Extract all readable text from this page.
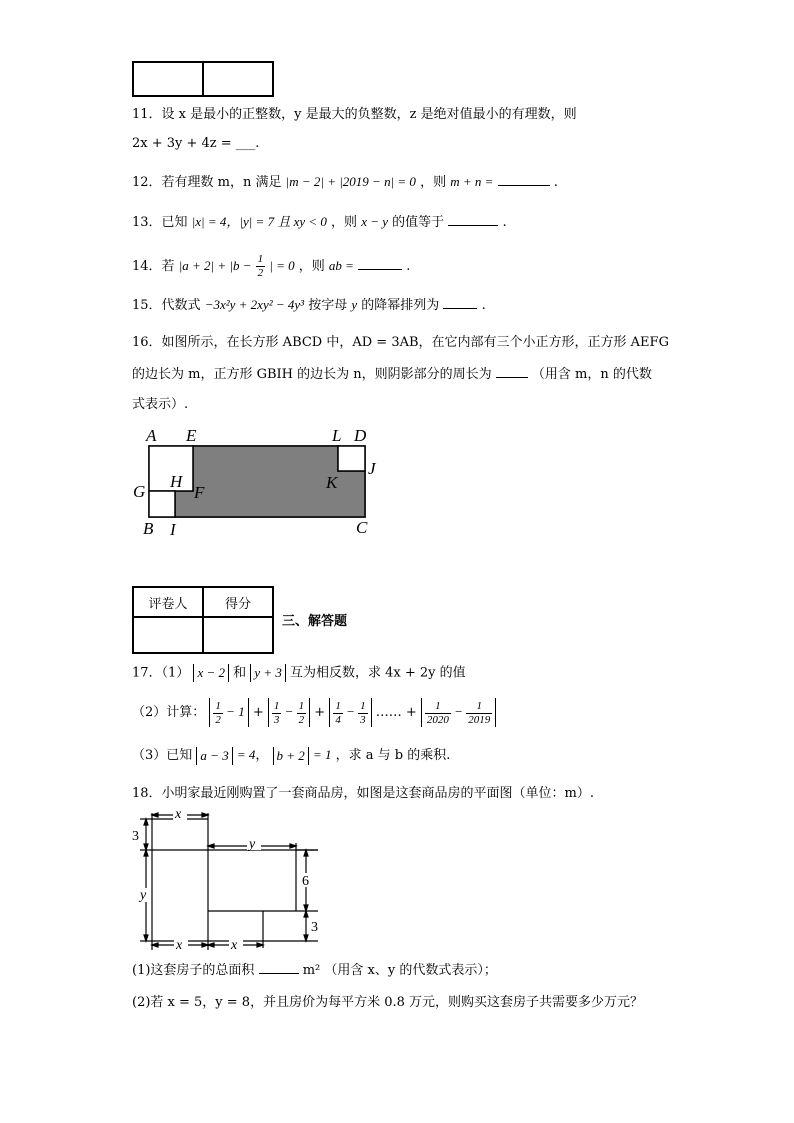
11．设 x 是最小的正整数，y 是最大的负整数，z 是绝对值最小的有理数，则
2x + 3y + 4z = ___.
12．若有理数 m，n 满足 |m − 2| + |2019 − n| = 0 ，则 m + n =	.
13．已知 |x| = 4，|y| = 7 且 xy < 0 ，则 x − y 的值等于	.
14．若 $|a + 2| + |b - \frac{1}{2}$ | = 0 ，则 ab =	.
15．代数式 −3x²y + 2xy² − 4y³ 按字母 y 的降幂排列为	.
16．如图所示，在长方形 ABCD 中，AD = 3AB，在它内部有三个小正方形，正方形 AEFG
的边长为 m，正方形 GBIH 的边长为 n，则阴影部分的周长为	（用含 m，n 的代数
式表示）.
A E	L D
J
H
F
G	K
B I	C
评卷人	得分

三、解答题
17．（1） x − 2 和 y + 3 互为相反数，求 4x + 2y 的值
（2）计算： $\frac{1}{2} - 1 + \frac{1}{3} - \frac{1}{2} + \frac{1}{4} - \frac{1}{3}$ …… + $\frac{1}{2020} - \frac{1}{2019}$
（3）已知 a − 3 = 4， b + 2 = 1 ，求 a 与 b 的乘积.
18．小明家最近刚购置了一套商品房，如图是这套商品房的平面图（单位：m）.
x
y
3
y
6
3
x	x
(1)这套房子的总面积	m² （用含 x、y 的代数式表示）；
(2)若 x = 5，y = 8，并且房价为每平方米 0.8 万元，则购买这套房子共需要多少万元？
